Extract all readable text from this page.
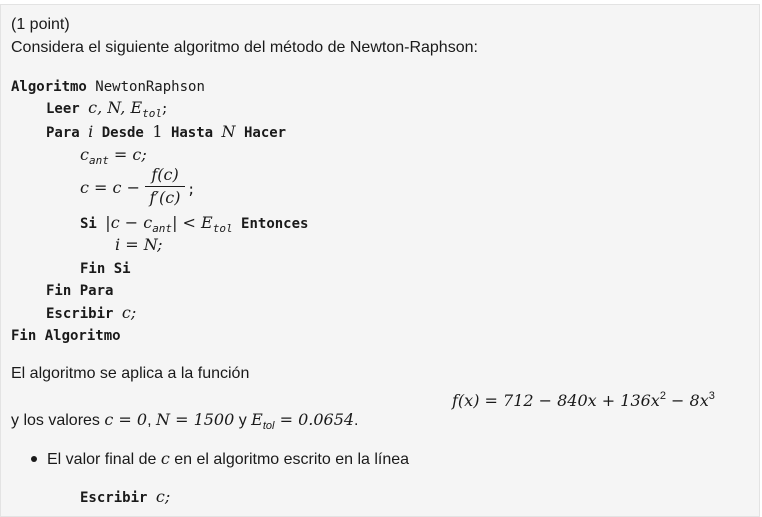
(1 point)
Considera el siguiente algoritmo del método de Newton-Raphson:
Algoritmo NewtonRaphson
Leer c, N, $E_{tol}$;
Para i Desde 1 Hasta N Hacer
$c_{ant} = c$;
c = c −
f(c)
f′(c) ;
Si $|c - c_{ant}| < E_{tol}$ Entonces
i = N;
Fin Si
Fin Para
Escribir c;
Fin Algoritmo
El algoritmo se aplica a la función
$f(x) = 712 - 840x + 136x^2 - 8x^3$
y los valores c = 0, N = 1500 y $E_{tol} = 0.0654$.
El valor final de c en el algoritmo escrito en la línea
Escribir c;
